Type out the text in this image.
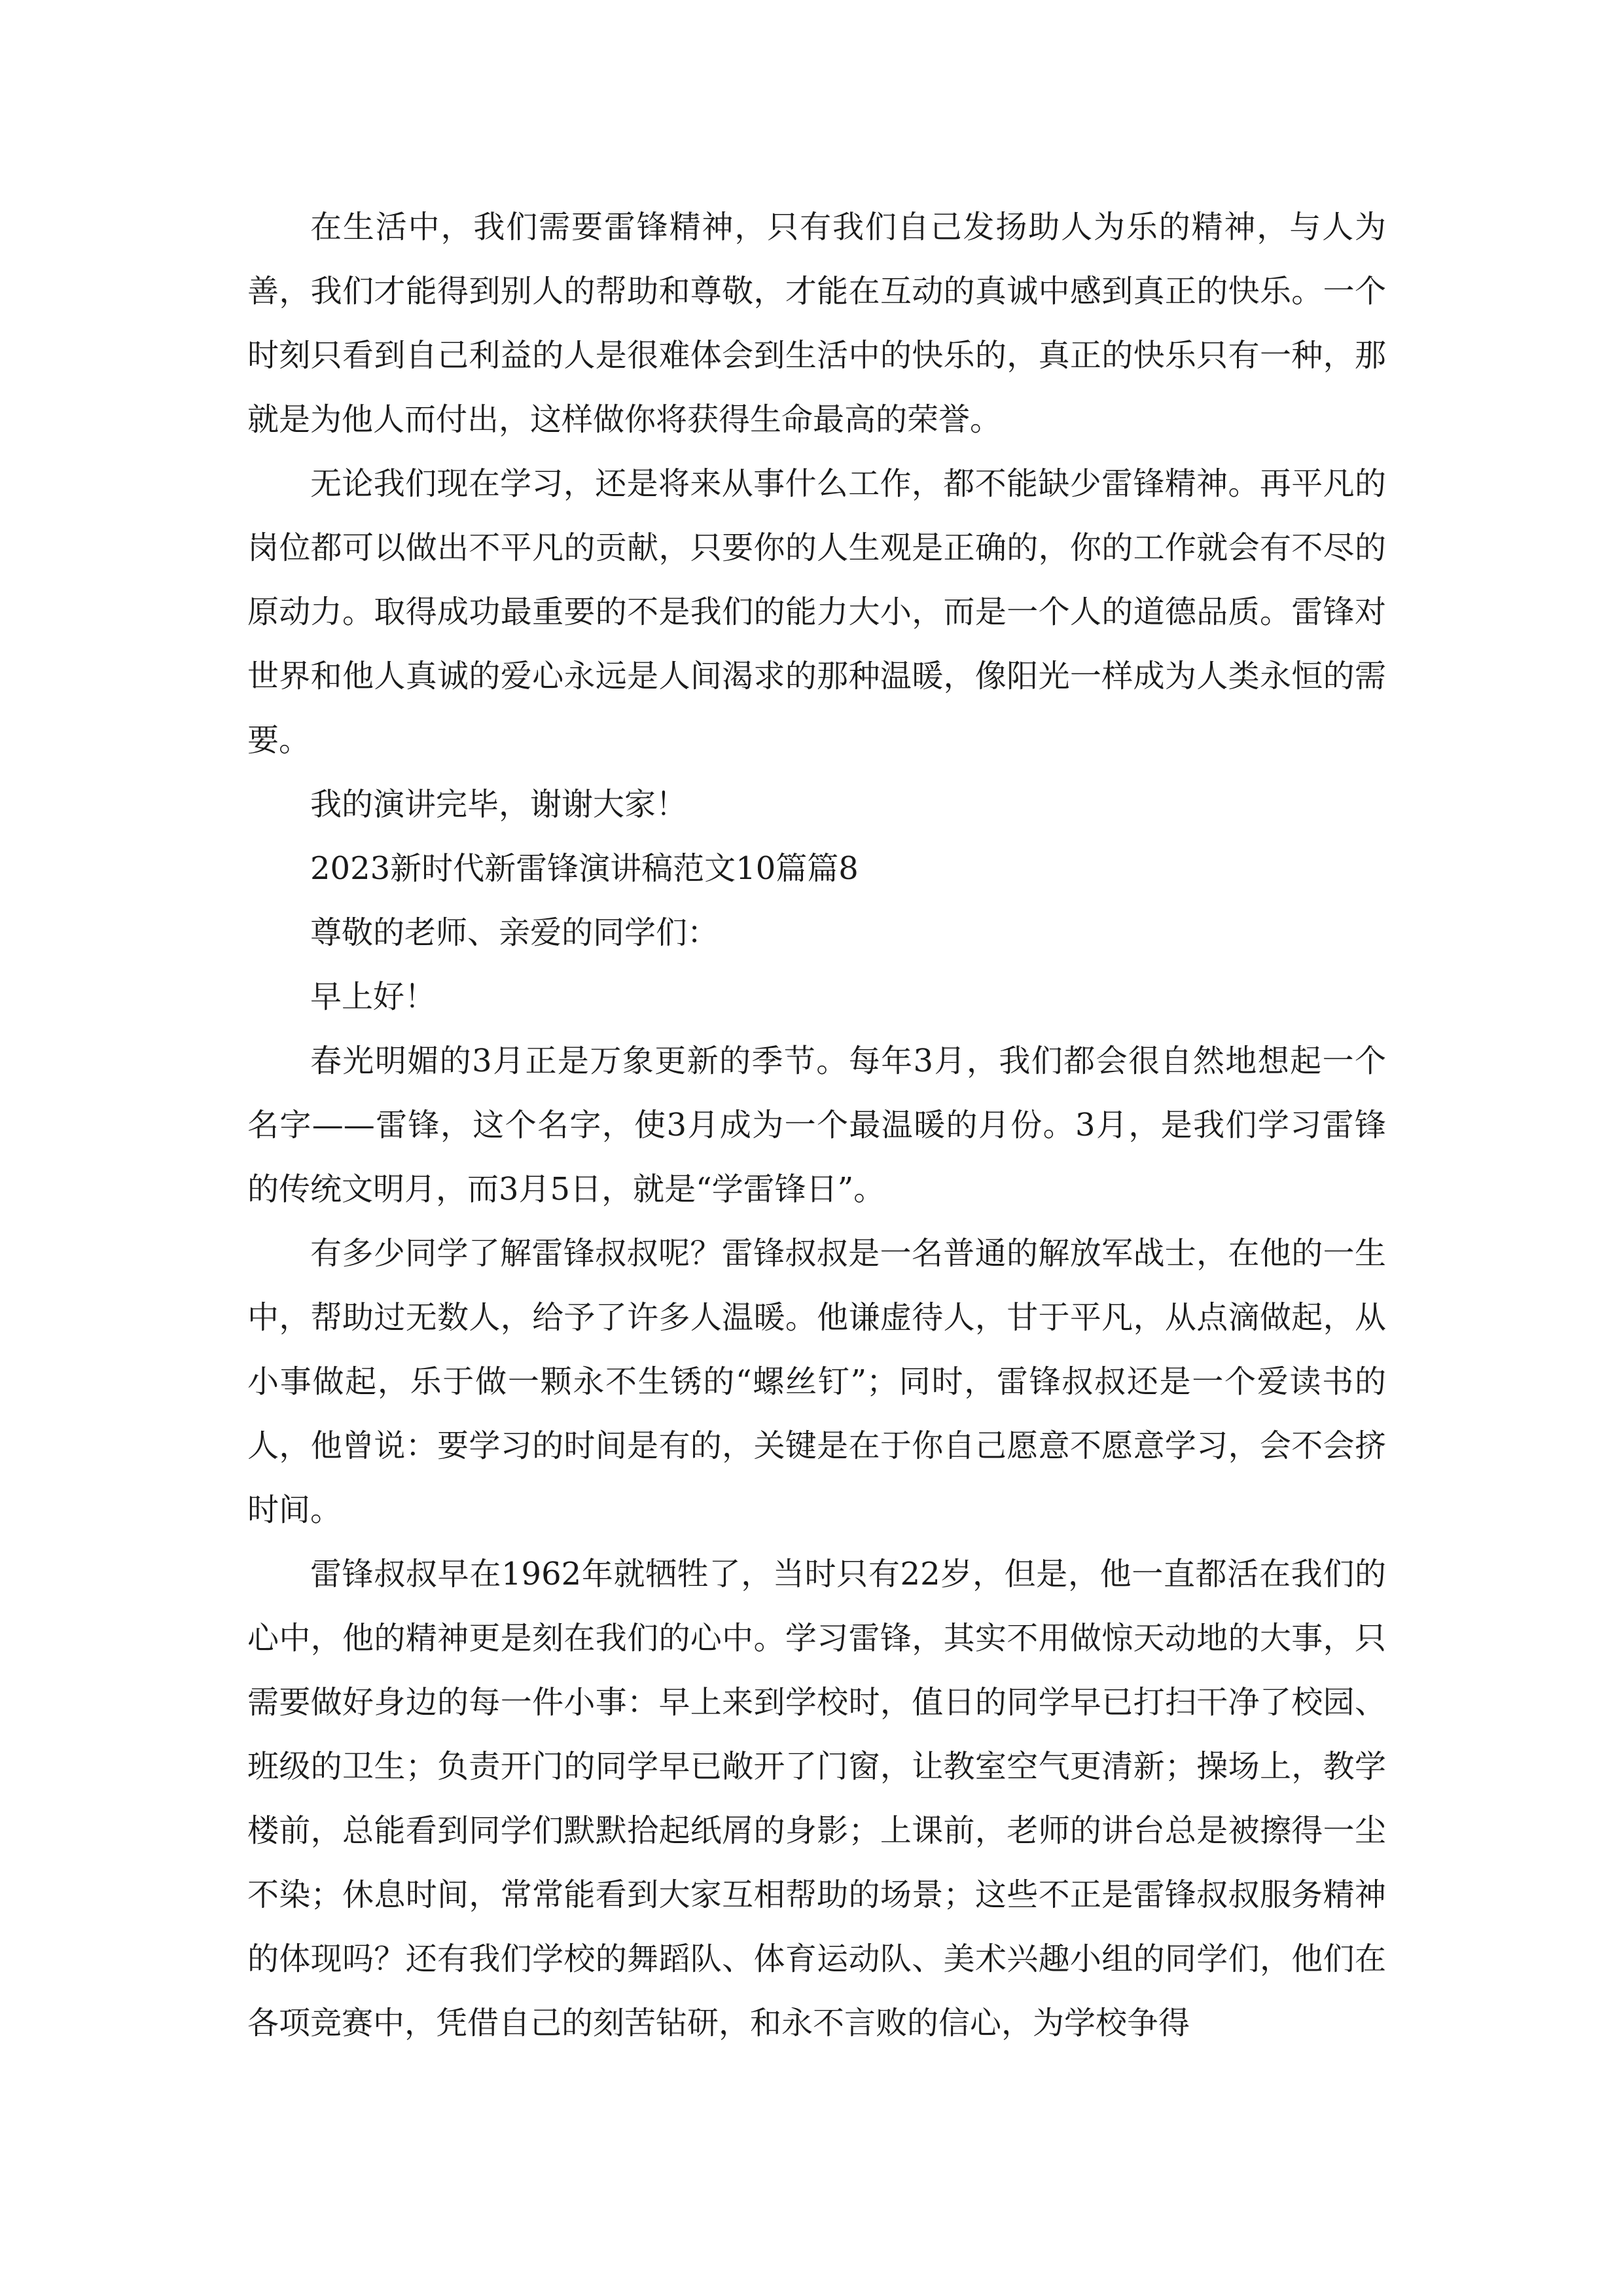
在生活中，我们需要雷锋精神，只有我们自己发扬助人为乐的精神，与人为善，我们才能得到别人的帮助和尊敬，才能在互动的真诚中感到真正的快乐。一个时刻只看到自己利益的人是很难体会到生活中的快乐的，真正的快乐只有一种，那就是为他人而付出，这样做你将获得生命最高的荣誉。

无论我们现在学习，还是将来从事什么工作，都不能缺少雷锋精神。再平凡的岗位都可以做出不平凡的贡献，只要你的人生观是正确的，你的工作就会有不尽的原动力。取得成功最重要的不是我们的能力大小，而是一个人的道德品质。雷锋对世界和他人真诚的爱心永远是人间渴求的那种温暖，像阳光一样成为人类永恒的需要。

我的演讲完毕，谢谢大家！

2023新时代新雷锋演讲稿范文10篇篇8

尊敬的老师、亲爱的同学们：

早上好！

春光明媚的3月正是万象更新的季节。每年3月，我们都会很自然地想起一个名字——雷锋，这个名字，使3月成为一个最温暖的月份。3月，是我们学习雷锋的传统文明月，而3月5日，就是“学雷锋日”。

有多少同学了解雷锋叔叔呢？雷锋叔叔是一名普通的解放军战士，在他的一生中，帮助过无数人，给予了许多人温暖。他谦虚待人，甘于平凡，从点滴做起，从小事做起，乐于做一颗永不生锈的“螺丝钉”；同时，雷锋叔叔还是一个爱读书的人，他曾说：要学习的时间是有的，关键是在于你自己愿意不愿意学习，会不会挤时间。

雷锋叔叔早在1962年就牺牲了，当时只有22岁，但是，他一直都活在我们的心中，他的精神更是刻在我们的心中。学习雷锋，其实不用做惊天动地的大事，只需要做好身边的每一件小事：早上来到学校时，值日的同学早已打扫干净了校园、班级的卫生；负责开门的同学早已敞开了门窗，让教室空气更清新；操场上，教学楼前，总能看到同学们默默拾起纸屑的身影；上课前，老师的讲台总是被擦得一尘不染；休息时间，常常能看到大家互相帮助的场景；这些不正是雷锋叔叔服务精神的体现吗？还有我们学校的舞蹈队、体育运动队、美术兴趣小组的同学们，他们在各项竞赛中，凭借自己的刻苦钻研，和永不言败的信心，为学校争得
